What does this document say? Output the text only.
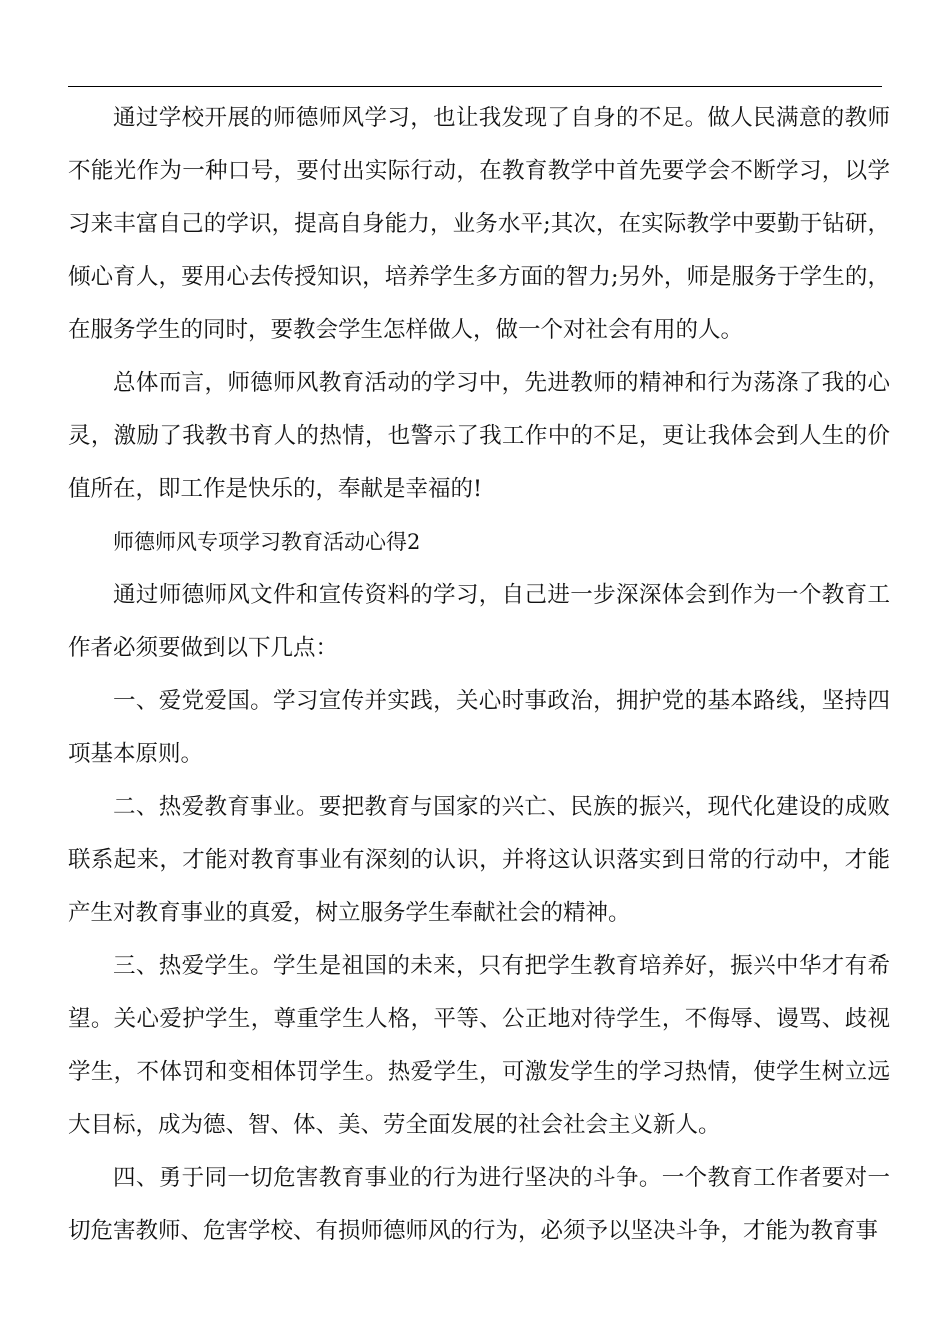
通过学校开展的师德师风学习，也让我发现了自身的不足。做人民满意的教师不能光作为一种口号，要付出实际行动，在教育教学中首先要学会不断学习，以学习来丰富自己的学识，提高自身能力，业务水平;其次，在实际教学中要勤于钻研，倾心育人，要用心去传授知识，培养学生多方面的智力;另外，师是服务于学生的，在服务学生的同时，要教会学生怎样做人，做一个对社会有用的人。

总体而言，师德师风教育活动的学习中，先进教师的精神和行为荡涤了我的心灵，激励了我教书育人的热情，也警示了我工作中的不足，更让我体会到人生的价值所在，即工作是快乐的，奉献是幸福的!

师德师风专项学习教育活动心得2

通过师德师风文件和宣传资料的学习，自己进一步深深体会到作为一个教育工作者必须要做到以下几点：

一、爱党爱国。学习宣传并实践，关心时事政治，拥护党的基本路线，坚持四项基本原则。

二、热爱教育事业。要把教育与国家的兴亡、民族的振兴，现代化建设的成败联系起来，才能对教育事业有深刻的认识，并将这认识落实到日常的行动中，才能产生对教育事业的真爱，树立服务学生奉献社会的精神。

三、热爱学生。学生是祖国的未来，只有把学生教育培养好，振兴中华才有希望。关心爱护学生，尊重学生人格，平等、公正地对待学生，不侮辱、谩骂、歧视学生，不体罚和变相体罚学生。热爱学生，可激发学生的学习热情，使学生树立远大目标，成为德、智、体、美、劳全面发展的社会社会主义新人。

四、勇于同一切危害教育事业的行为进行坚决的斗争。一个教育工作者要对一切危害教师、危害学校、有损师德师风的行为，必须予以坚决斗争，才能为教育事
